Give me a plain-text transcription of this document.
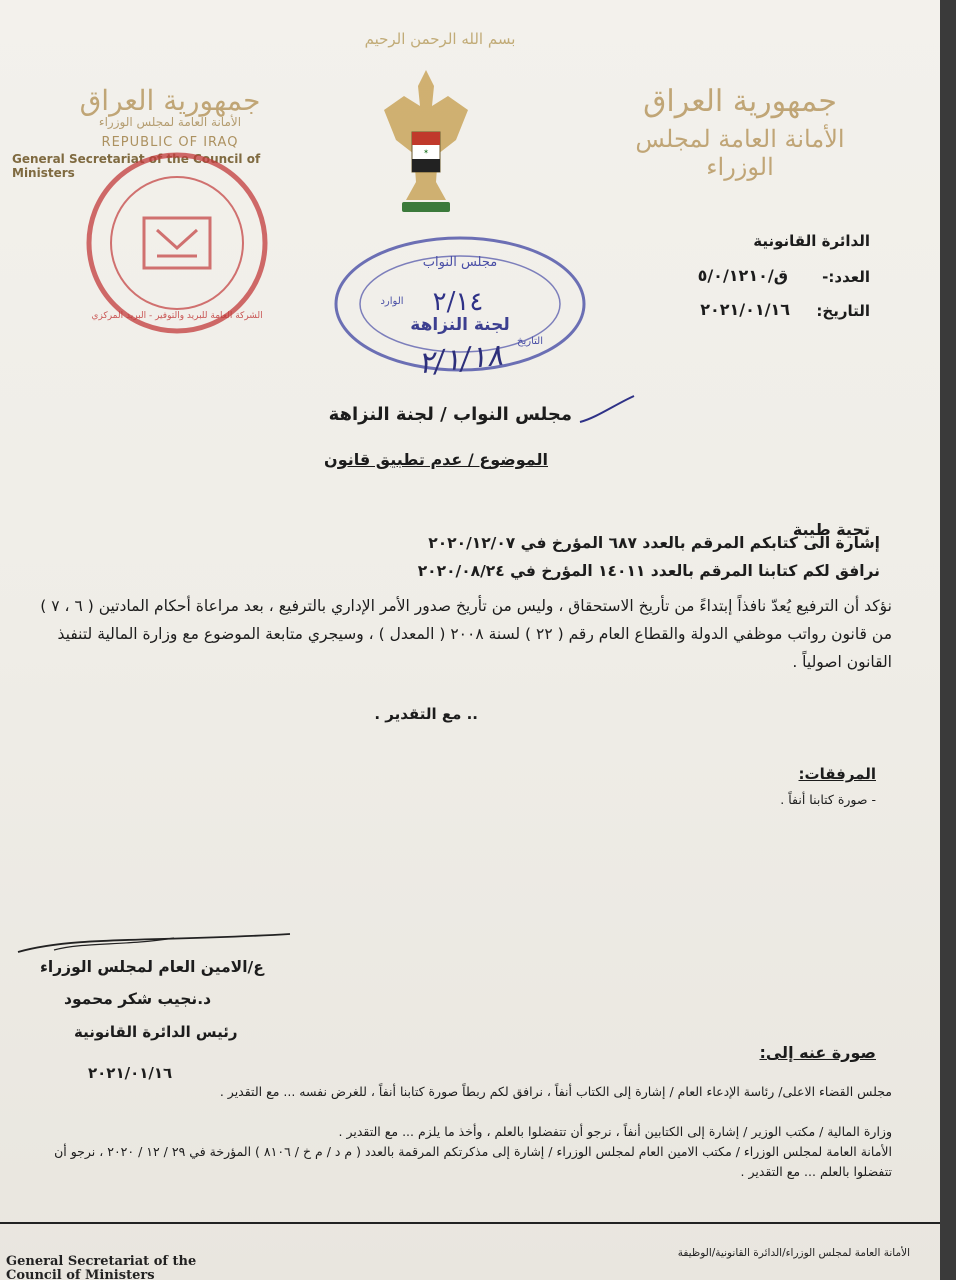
بسم الله الرحمن الرحيم
جمهورية العراق
الأمانة العامة لمجلس الوزراء
REPUBLIC OF IRAQ
General Secretariat of the Council of Ministers
جمهورية العراق
الأمانة العامة لمجلس الوزراء
✶
الشركة العامة للبريد والتوفير - البريد المركزي
مجلس النواب
لجنة النزاهة
٢/١٤
الوارد
التاريخ
٢/١/١٨
الدائرة القانونية
العدد:-
ق/٥/٠/١٢١٠
التاريخ:
٢٠٢١/٠١/١٦
مجلس النواب / لجنة النزاهة
الموضوع / عدم تطبيق قانون
تحية طيبة
إشارة الى كتابكم المرقم بالعدد ٦٨٧ المؤرخ في ٢٠٢٠/١٢/٠٧
نرافق لكم كتابنا المرقم بالعدد ١٤٠١١ المؤرخ في ٢٠٢٠/٠٨/٢٤
نؤكد أن الترفيع يُعدّ نافذاً إبتداءً من تأريخ الاستحقاق ، وليس من تأريخ صدور الأمر الإداري بالترفيع ، بعد مراعاة أحكام المادتين ( ٦ ، ٧ ) من قانون رواتب موظفي الدولة والقطاع العام رقم ( ٢٢ ) لسنة ٢٠٠٨ ( المعدل ) ، وسيجري متابعة الموضوع مع وزارة المالية لتنفيذ القانون اصولياً .
.. مع التقدير .
المرفقات:
- صورة كتابنا أنفاً .
ع/الامين العام لمجلس الوزراء
د.نجيب شكر محمود
رئيس الدائرة القانونية
٢٠٢١/٠١/١٦
صورة عنه إلى:
مجلس القضاء الاعلى/ رئاسة الإدعاء العام / إشارة إلى الكتاب أنفاً ، نرافق لكم ربطاً صورة كتابنا أنفاً ، للغرض نفسه ... مع التقدير .
وزارة المالية / مكتب الوزير / إشارة إلى الكتابين أنفاً ، نرجو أن تتفضلوا بالعلم ، وأخذ ما يلزم ... مع التقدير .
الأمانة العامة لمجلس الوزراء / مكتب الامين العام لمجلس الوزراء / إشارة إلى مذكرتكم المرقمة بالعدد ( م د / م خ / ٨١٠٦ ) المؤرخة في ٢٩ / ١٢ / ٢٠٢٠ ، نرجو أن تتفضلوا بالعلم ... مع التقدير .
General Secretariat of the Council of Ministers
الأمانة العامة لمجلس الوزراء/الدائرة القانونية/الوظيفة
